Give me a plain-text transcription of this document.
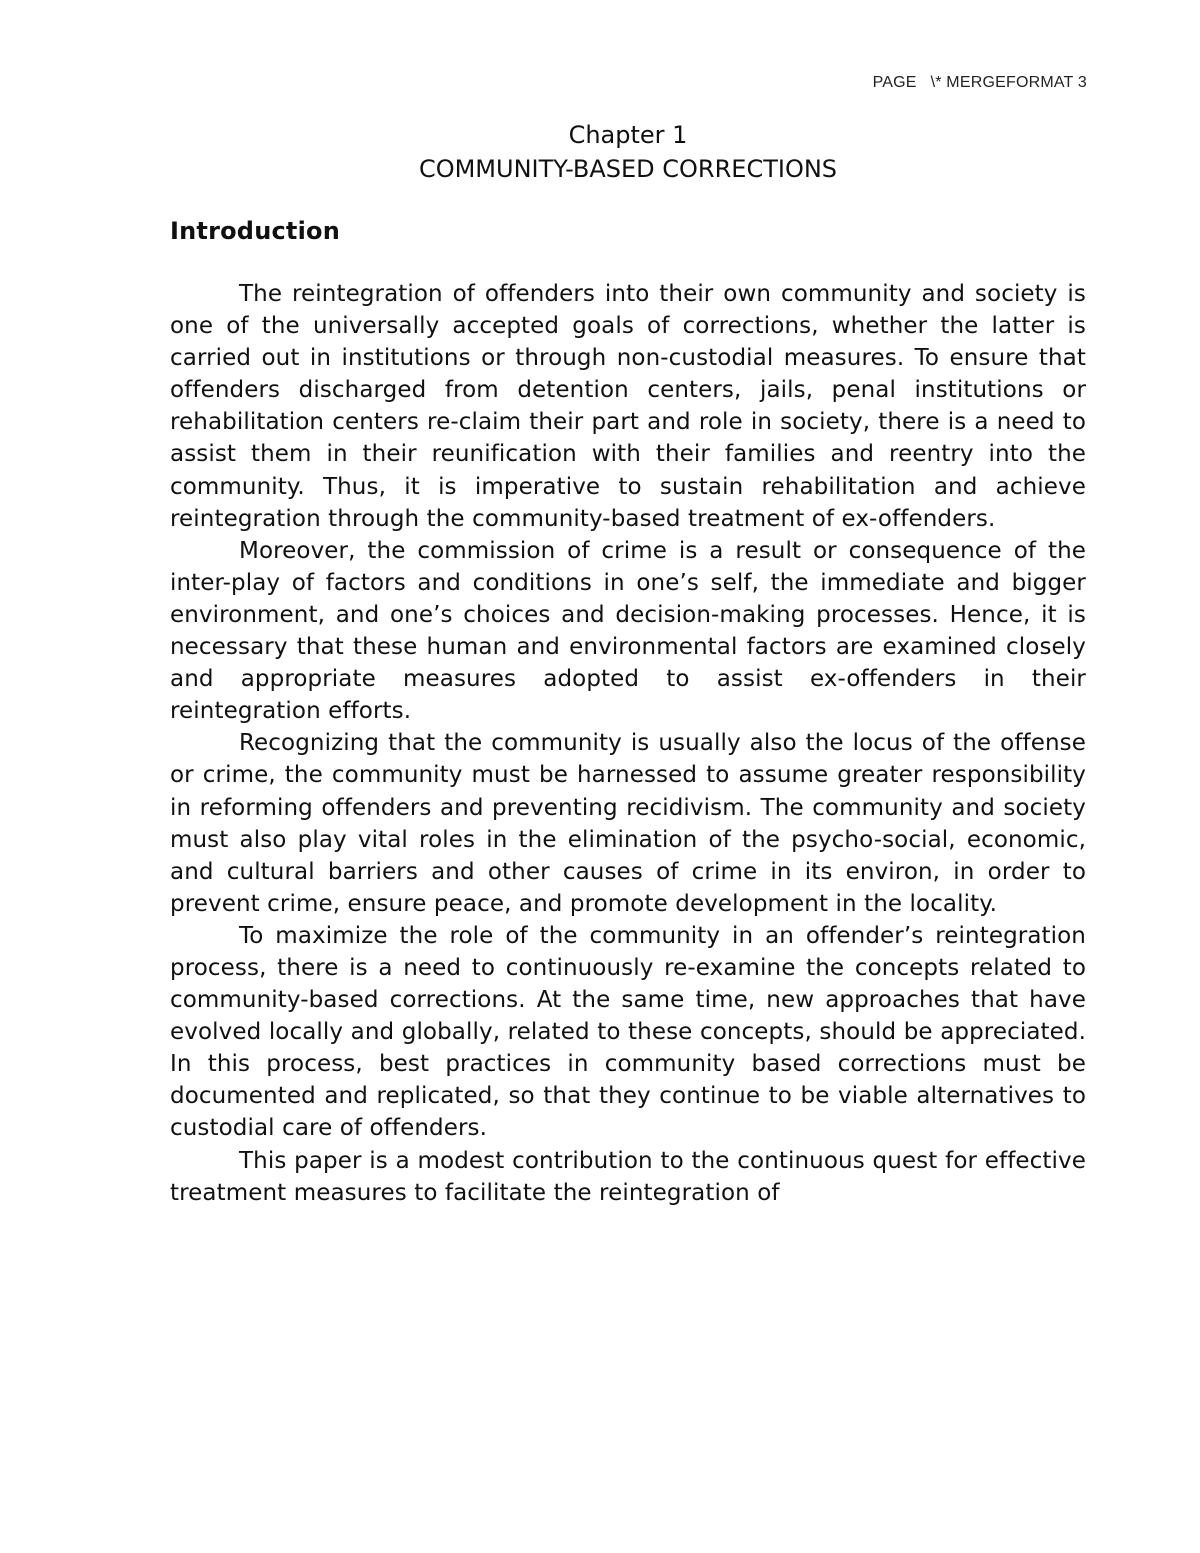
PAGE   \* MERGEFORMAT 3
Chapter 1
COMMUNITY-BASED CORRECTIONS
Introduction

The reintegration of offenders into their own community and society is one of the universally accepted goals of corrections, whether the latter is carried out in institutions or through non-custodial measures. To ensure that offenders discharged from detention centers, jails, penal institutions or rehabilitation centers re-claim their part and role in society, there is a need to assist them in their reunification with their families and reentry into the community. Thus, it is imperative to sustain rehabilitation and achieve reintegration through the community-based treatment of ex-offenders.

Moreover, the commission of crime is a result or consequence of the inter-play of factors and conditions in one’s self, the immediate and bigger environment, and one’s choices and decision-making processes. Hence, it is necessary that these human and environmental factors are examined closely and appropriate measures adopted to assist ex-offenders in their reintegration efforts.

Recognizing that the community is usually also the locus of the offense or crime, the community must be harnessed to assume greater responsibility in reforming offenders and preventing recidivism. The community and society must also play vital roles in the elimination of the psycho-social, economic, and cultural barriers and other causes of crime in its environ, in order to prevent crime, ensure peace, and promote development in the locality.

To maximize the role of the community in an offender’s reintegration process, there is a need to continuously re-examine the concepts related to community-based corrections. At the same time, new approaches that have evolved locally and globally, related to these concepts, should be appreciated. In this process, best practices in community based corrections must be documented and replicated, so that they continue to be viable alternatives to custodial care of offenders.

This paper is a modest contribution to the continuous quest for effective treatment measures to facilitate the reintegration of
